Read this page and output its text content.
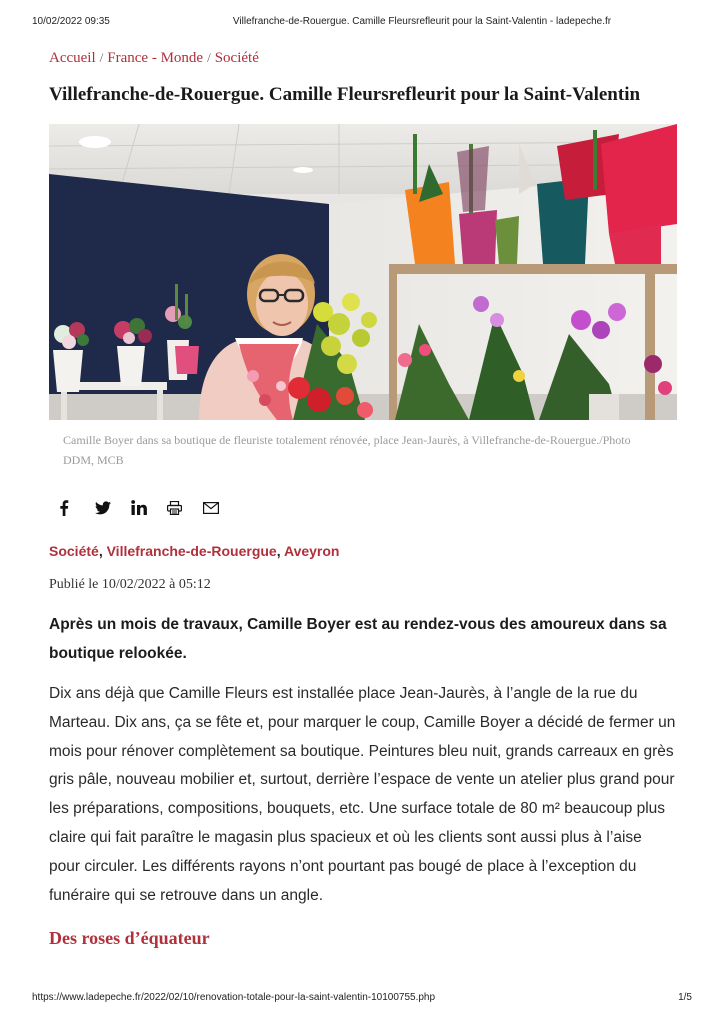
10/02/2022 09:35	Villefranche-de-Rouergue. Camille Fleursrefleurit pour la Saint-Valentin - ladepeche.fr
Accueil / France - Monde / Société
Villefranche-de-Rouergue. Camille Fleursrefleurit pour la Saint-Valentin
Camille Boyer dans sa boutique de fleuriste totalement rénovée, place Jean-Jaurès, à Villefranche-de-Rouergue./Photo DDM, MCB
Société, Villefranche-de-Rouergue, Aveyron
Publié le 10/02/2022 à 05:12

Après un mois de travaux, Camille Boyer est au rendez-vous des amoureux dans sa boutique relookée.

Dix ans déjà que Camille Fleurs est installée place Jean-Jaurès, à l’angle de la rue du Marteau. Dix ans, ça se fête et, pour marquer le coup, Camille Boyer a décidé de fermer un mois pour rénover complètement sa boutique. Peintures bleu nuit, grands carreaux en grès gris pâle, nouveau mobilier et, surtout, derrière l’espace de vente un atelier plus grand pour les préparations, compositions, bouquets, etc. Une surface totale de 80 m² beaucoup plus claire qui fait paraître le magasin plus spacieux et où les clients sont aussi plus à l’aise pour circuler. Les différents rayons n’ont pourtant pas bougé de place à l’exception du funéraire qui se retrouve dans un angle.

Des roses d’équateur
https://www.ladepeche.fr/2022/02/10/renovation-totale-pour-la-saint-valentin-10100755.php	1/5
